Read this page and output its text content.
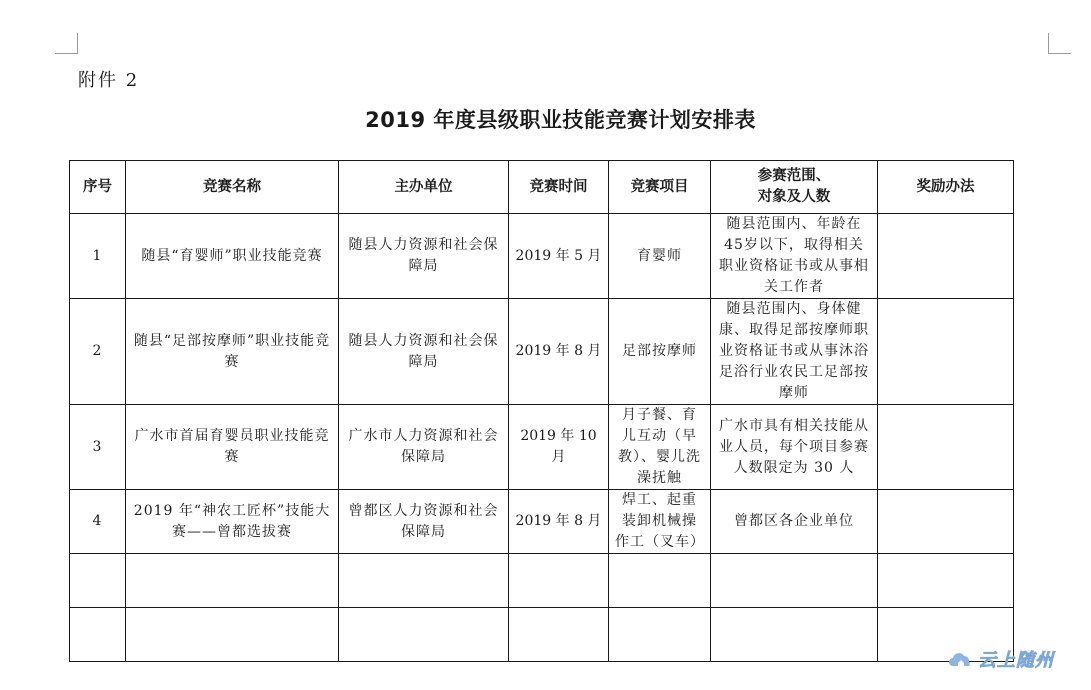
附件 2
2019 年度县级职业技能竞赛计划安排表
序号	竞赛名称	主办单位	竞赛时间	竞赛项目	参赛范围、
对象及人数	奖励办法
1	随县“育婴师”职业技能竞赛	随县人力资源和社会保障局	2019 年 5 月	育婴师	随县范围内、年龄在45岁以下，取得相关职业资格证书或从事相关工作者	
2	随县“足部按摩师”职业技能竞赛	随县人力资源和社会保障局	2019 年 8 月	足部按摩师	随县范围内、身体健康、取得足部按摩师职业资格证书或从事沐浴足浴行业农民工足部按摩师	
3	广水市首届育婴员职业技能竞赛	广水市人力资源和社会保障局	2019 年 10 月	月子餐、育儿互动（早教）、婴儿洗澡抚触	广水市具有相关技能从业人员，每个项目参赛人数限定为 30 人	
4	2019 年“神农工匠杯”技能大赛——曾都选拔赛	曾都区人力资源和社会保障局	2019 年 8 月	焊工、起重装卸机械操作工（叉车）	曾都区各企业单位	

云上随州
